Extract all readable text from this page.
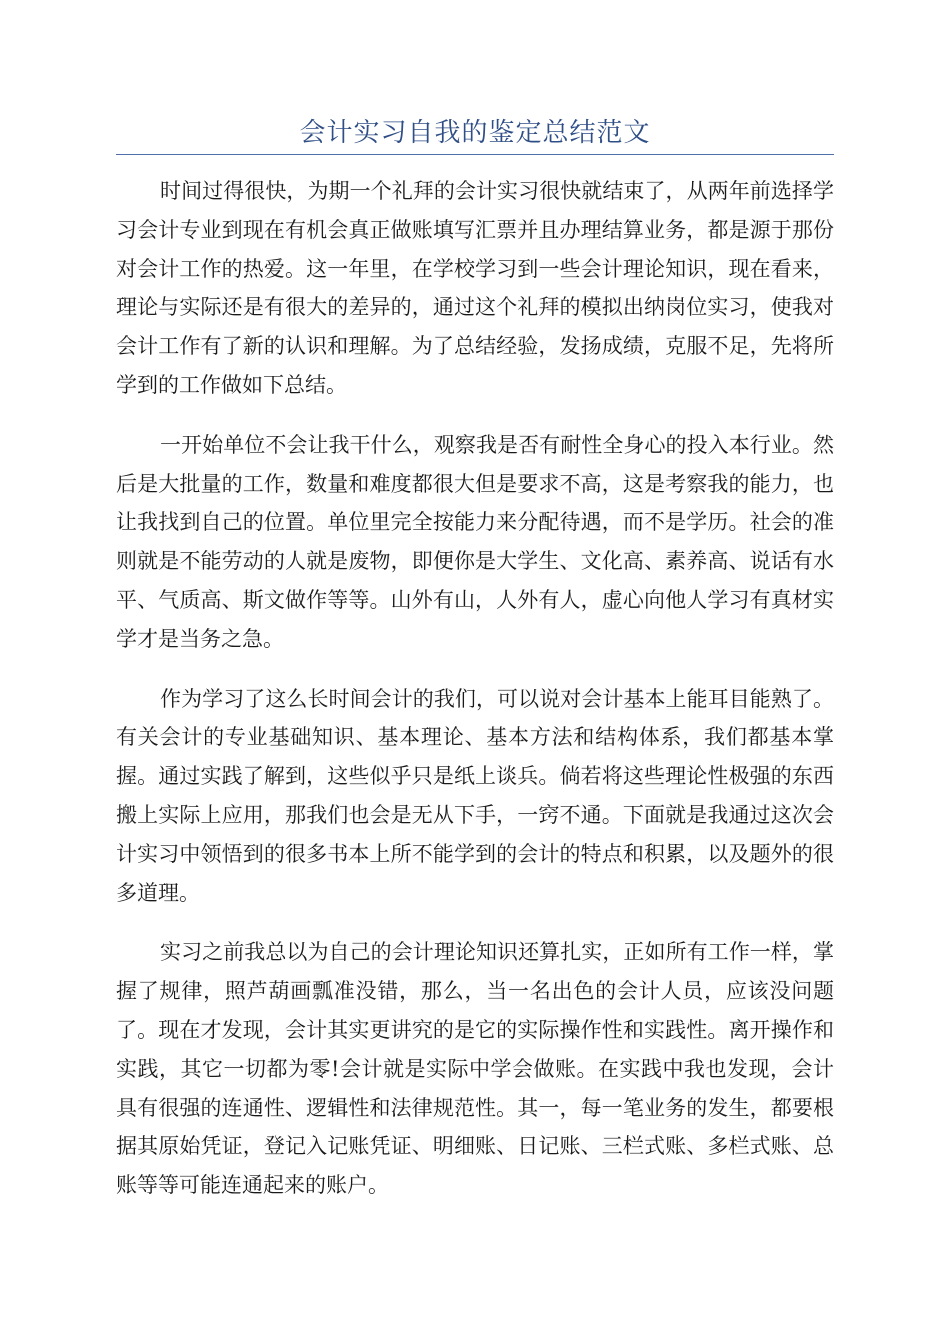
会计实习自我的鉴定总结范文

时间过得很快，为期一个礼拜的会计实习很快就结束了，从两年前选择学习会计专业到现在有机会真正做账填写汇票并且办理结算业务，都是源于那份对会计工作的热爱。这一年里，在学校学习到一些会计理论知识，现在看来，理论与实际还是有很大的差异的，通过这个礼拜的模拟出纳岗位实习，使我对会计工作有了新的认识和理解。为了总结经验，发扬成绩，克服不足，先将所学到的工作做如下总结。

一开始单位不会让我干什么，观察我是否有耐性全身心的投入本行业。然后是大批量的工作，数量和难度都很大但是要求不高，这是考察我的能力，也让我找到自己的位置。单位里完全按能力来分配待遇，而不是学历。社会的准则就是不能劳动的人就是废物，即便你是大学生、文化高、素养高、说话有水平、气质高、斯文做作等等。山外有山，人外有人，虚心向他人学习有真材实学才是当务之急。

作为学习了这么长时间会计的我们，可以说对会计基本上能耳目能熟了。有关会计的专业基础知识、基本理论、基本方法和结构体系，我们都基本掌握。通过实践了解到，这些似乎只是纸上谈兵。倘若将这些理论性极强的东西搬上实际上应用，那我们也会是无从下手，一窍不通。下面就是我通过这次会计实习中领悟到的很多书本上所不能学到的会计的特点和积累，以及题外的很多道理。

实习之前我总以为自己的会计理论知识还算扎实，正如所有工作一样，掌握了规律，照芦葫画瓢准没错，那么，当一名出色的会计人员，应该没问题了。现在才发现，会计其实更讲究的是它的实际操作性和实践性。离开操作和实践，其它一切都为零!会计就是实际中学会做账。在实践中我也发现，会计具有很强的连通性、逻辑性和法律规范性。其一，每一笔业务的发生，都要根据其原始凭证，登记入记账凭证、明细账、日记账、三栏式账、多栏式账、总账等等可能连通起来的账户。
